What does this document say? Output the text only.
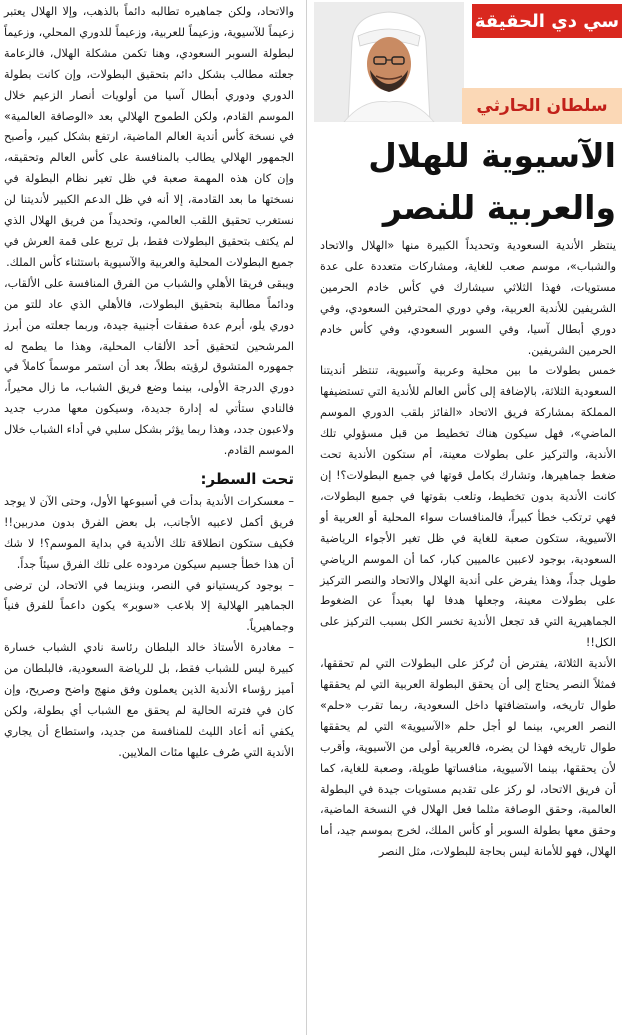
سي دي الحقيقة
سلطان الحارثي
الآسيوية للهلال
والعربية للنصر

ينتظر الأندية السعودية وتحديداً الكبيرة منها «الهلال والاتحاد والشباب»، موسم صعب للغاية، ومشاركات متعددة على عدة مستويات، فهذا الثلاثي سيشارك في كأس خادم الحرمين الشريفين للأندية العربية، وفي دوري المحترفين السعودي، وفي دوري أبطال آسيا، وفي السوبر السعودي، وفي كأس خادم الحرمين الشريفين.

خمس بطولات ما بين محلية وعربية وآسيوية، تنتظر أنديتنا السعودية الثلاثة، بالإضافة إلى كأس العالم للأندية التي تستضيفها المملكة بمشاركة فريق الاتحاد «الفائز بلقب الدوري الموسم الماضي»، فهل سيكون هناك تخطيط من قبل مسؤولي تلك الأندية، والتركيز على بطولات معينة، أم ستكون الأندية تحت ضغط جماهيرها، وتشارك بكامل قوتها في جميع البطولات؟! إن كانت الأندية بدون تخطيط، وتلعب بقوتها في جميع البطولات، فهي ترتكب خطأ كبيراً، فالمنافسات سواء المحلية أو العربية أو الآسيوية، ستكون صعبة للغاية في ظل تغير الأجواء الرياضية السعودية، بوجود لاعبين عالميين كبار، كما أن الموسم الرياضي طويل جداً، وهذا يفرض على أندية الهلال والاتحاد والنصر التركيز على بطولات معينة، وجعلها هدفا لها بعيداً عن الضغوط الجماهيرية التي قد تجعل الأندية تخسر الكل بسبب التركيز على الكل!!

الأندية الثلاثة، يفترض أن تُركز على البطولات التي لم تحققها، فمثلاً النصر يحتاج إلى أن يحقق البطولة العربية التي لم يحققها طوال تاريخه، واستضافتها داخل السعودية، ربما تقرب «حلم» النصر العربي، بينما لو أجل حلم «الآسيوية» التي لم يحققها طوال تاريخه فهذا لن يضره، فالعربية أولى من الآسيوية، وأقرب لأن يحققها، بينما الآسيوية، منافساتها طويلة، وصعبة للغاية، كما أن فريق الاتحاد، لو ركز على تقديم مستويات جيدة في البطولة العالمية، وحقق الوصافة مثلما فعل الهلال في النسخة الماضية، وحقق معها بطولة السوبر أو كأس الملك، لخرج بموسم جيد، أما الهلال، فهو للأمانة ليس بحاجة للبطولات، مثل النصر

والاتحاد، ولكن جماهيره تطالبه دائماً بالذهب، وإلا الهلال يعتبر زعيماً للآسيوية، وزعيماً للعربية، وزعيماً للدوري المحلي، وزعيماً لبطولة السوبر السعودي، وهنا تكمن مشكلة الهلال، فالزعامة جعلته مطالب بشكل دائم بتحقيق البطولات، وإن كانت بطولة الدوري ودوري أبطال آسيا من أولويات أنصار الزعيم خلال الموسم القادم، ولكن الطموح الهلالي بعد «الوصافة العالمية» في نسخة كأس أندية العالم الماضية، ارتفع بشكل كبير، وأصبح الجمهور الهلالي يطالب بالمنافسة على كأس العالم وتحقيقه، وإن كان هذه المهمة صعبة في ظل تغير نظام البطولة في نسختها ما بعد القادمة، إلا أنه في ظل الدعم الكبير لأنديتنا لن نستغرب تحقيق اللقب العالمي، وتحديداً من فريق الهلال الذي لم يكتف بتحقيق البطولات فقط، بل تربع على قمة العرش في جميع البطولات المحلية والعربية والآسيوية باستثناء كأس الملك.

ويبقى فريقا الأهلي والشباب من الفرق المنافسة على الألقاب، ودائماً مطالبة بتحقيق البطولات، فالأهلي الذي عاد للتو من دوري يلو، أبرم عدة صفقات أجنبية جيدة، وربما جعلته من أبرز المرشحين لتحقيق أحد الألقاب المحلية، وهذا ما يطمح له جمهوره المتشوق لرؤيته بطلاً، بعد أن استمر موسماً كاملاً في دوري الدرجة الأولى، بينما وضع فريق الشباب، ما زال محيراً، فالنادي ستأتي له إدارة جديدة، وسيكون معها مدرب جديد ولاعبون جدد، وهذا ربما يؤثر بشكل سلبي في أداء الشباب خلال الموسم القادم.

تحت السطر:

– معسكرات الأندية بدأت في أسبوعها الأول، وحتى الآن لا يوجد فريق أكمل لاعبيه الأجانب، بل بعض الفرق بدون مدربين!! فكيف ستكون انطلاقة تلك الأندية في بداية الموسم؟! لا شك أن هذا خطأ جسيم سيكون مردوده على تلك الفرق سيئاً جداً.

– بوجود كريستيانو في النصر، وبنزيما في الاتحاد، لن ترضى الجماهير الهلالية إلا بلاعب «سوبر» يكون داعماً للفرق فنياً وجماهيرياً.

– مغادرة الأستاذ خالد البلطان رئاسة نادي الشباب خسارة كبيرة ليس للشباب فقط، بل للرياضة السعودية، فالبلطان من أميز رؤساء الأندية الذين يعملون وفق منهج واضح وصريح، وإن كان في فترته الحالية لم يحقق مع الشباب أي بطولة، ولكن يكفي أنه أعاد الليث للمنافسة من جديد، واستطاع أن يجاري الأندية التي صُرف عليها مئات الملايين.
